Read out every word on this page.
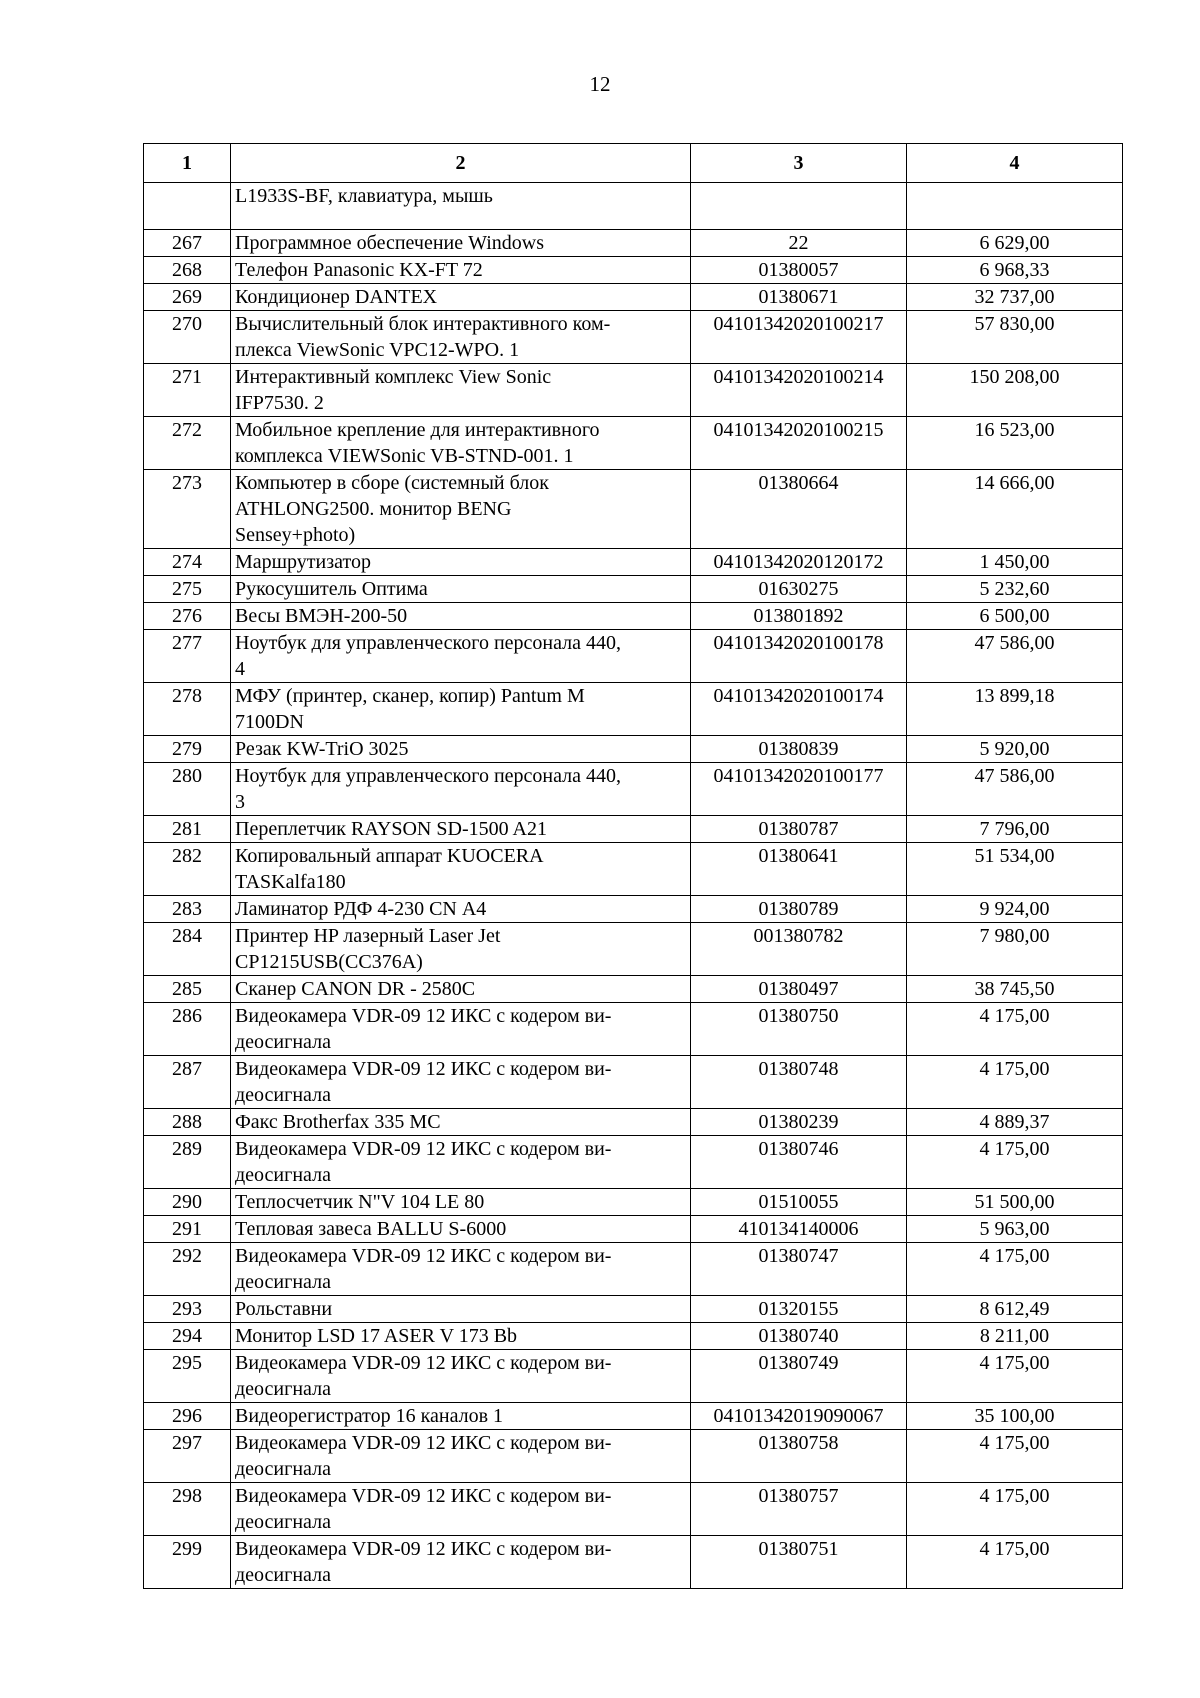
12
1	2	3	4
	L1933S-BF, клавиатура, мышь		
267	Программное обеспечение Windows	22	6 629,00
268	Телефон Panasonic KX-FT 72	01380057	6 968,33
269	Кондиционер DANTEX	01380671	32 737,00
270	Вычислительный блок интерактивного ком-
плекса ViewSonic VPC12-WPO. 1	04101342020100217	57 830,00
271	Интерактивный комплекс View Sonic
IFP7530. 2	04101342020100214	150 208,00
272	Мобильное крепление для интерактивного
комплекса VIEWSonic VB-STND-001. 1	04101342020100215	16 523,00
273	Компьютер в сборе (системный блок
ATHLONG2500. монитор BENG
Sensey+photo)	01380664	14 666,00
274	Маршрутизатор	04101342020120172	1 450,00
275	Рукосушитель Оптима	01630275	5 232,60
276	Весы ВМЭН-200-50	013801892	6 500,00
277	Ноутбук для управленческого персонала 440,
4	04101342020100178	47 586,00
278	МФУ (принтер, сканер, копир) Pantum M
7100DN	04101342020100174	13 899,18
279	Резак KW-TriO 3025	01380839	5 920,00
280	Ноутбук для управленческого персонала 440,
3	04101342020100177	47 586,00
281	Переплетчик RAYSON SD-1500 A21	01380787	7 796,00
282	Копировальный аппарат KUOCERA
TASKalfa180	01380641	51 534,00
283	Ламинатор РДФ 4-230 CN А4	01380789	9 924,00
284	Принтер HP лазерный Laser Jet
CP1215USB(CC376A)	001380782	7 980,00
285	Сканер CANON DR - 2580C	01380497	38 745,50
286	Видеокамера VDR-09 12 ИКС с кодером ви-
деосигнала	01380750	4 175,00
287	Видеокамера VDR-09 12 ИКС с кодером ви-
деосигнала	01380748	4 175,00
288	Факс Brotherfax 335 MC	01380239	4 889,37
289	Видеокамера VDR-09 12 ИКС с кодером ви-
деосигнала	01380746	4 175,00
290	Теплосчетчик N"V 104 LE 80	01510055	51 500,00
291	Тепловая завеса BALLU S-6000	410134140006	5 963,00
292	Видеокамера VDR-09 12 ИКС с кодером ви-
деосигнала	01380747	4 175,00
293	Рольставни	01320155	8 612,49
294	Монитор LSD 17 ASER V 173 Bb	01380740	8 211,00
295	Видеокамера VDR-09 12 ИКС с кодером ви-
деосигнала	01380749	4 175,00
296	Видеорегистратор 16 каналов 1	04101342019090067	35 100,00
297	Видеокамера VDR-09 12 ИКС с кодером ви-
деосигнала	01380758	4 175,00
298	Видеокамера VDR-09 12 ИКС с кодером ви-
деосигнала	01380757	4 175,00
299	Видеокамера VDR-09 12 ИКС с кодером ви-
деосигнала	01380751	4 175,00
